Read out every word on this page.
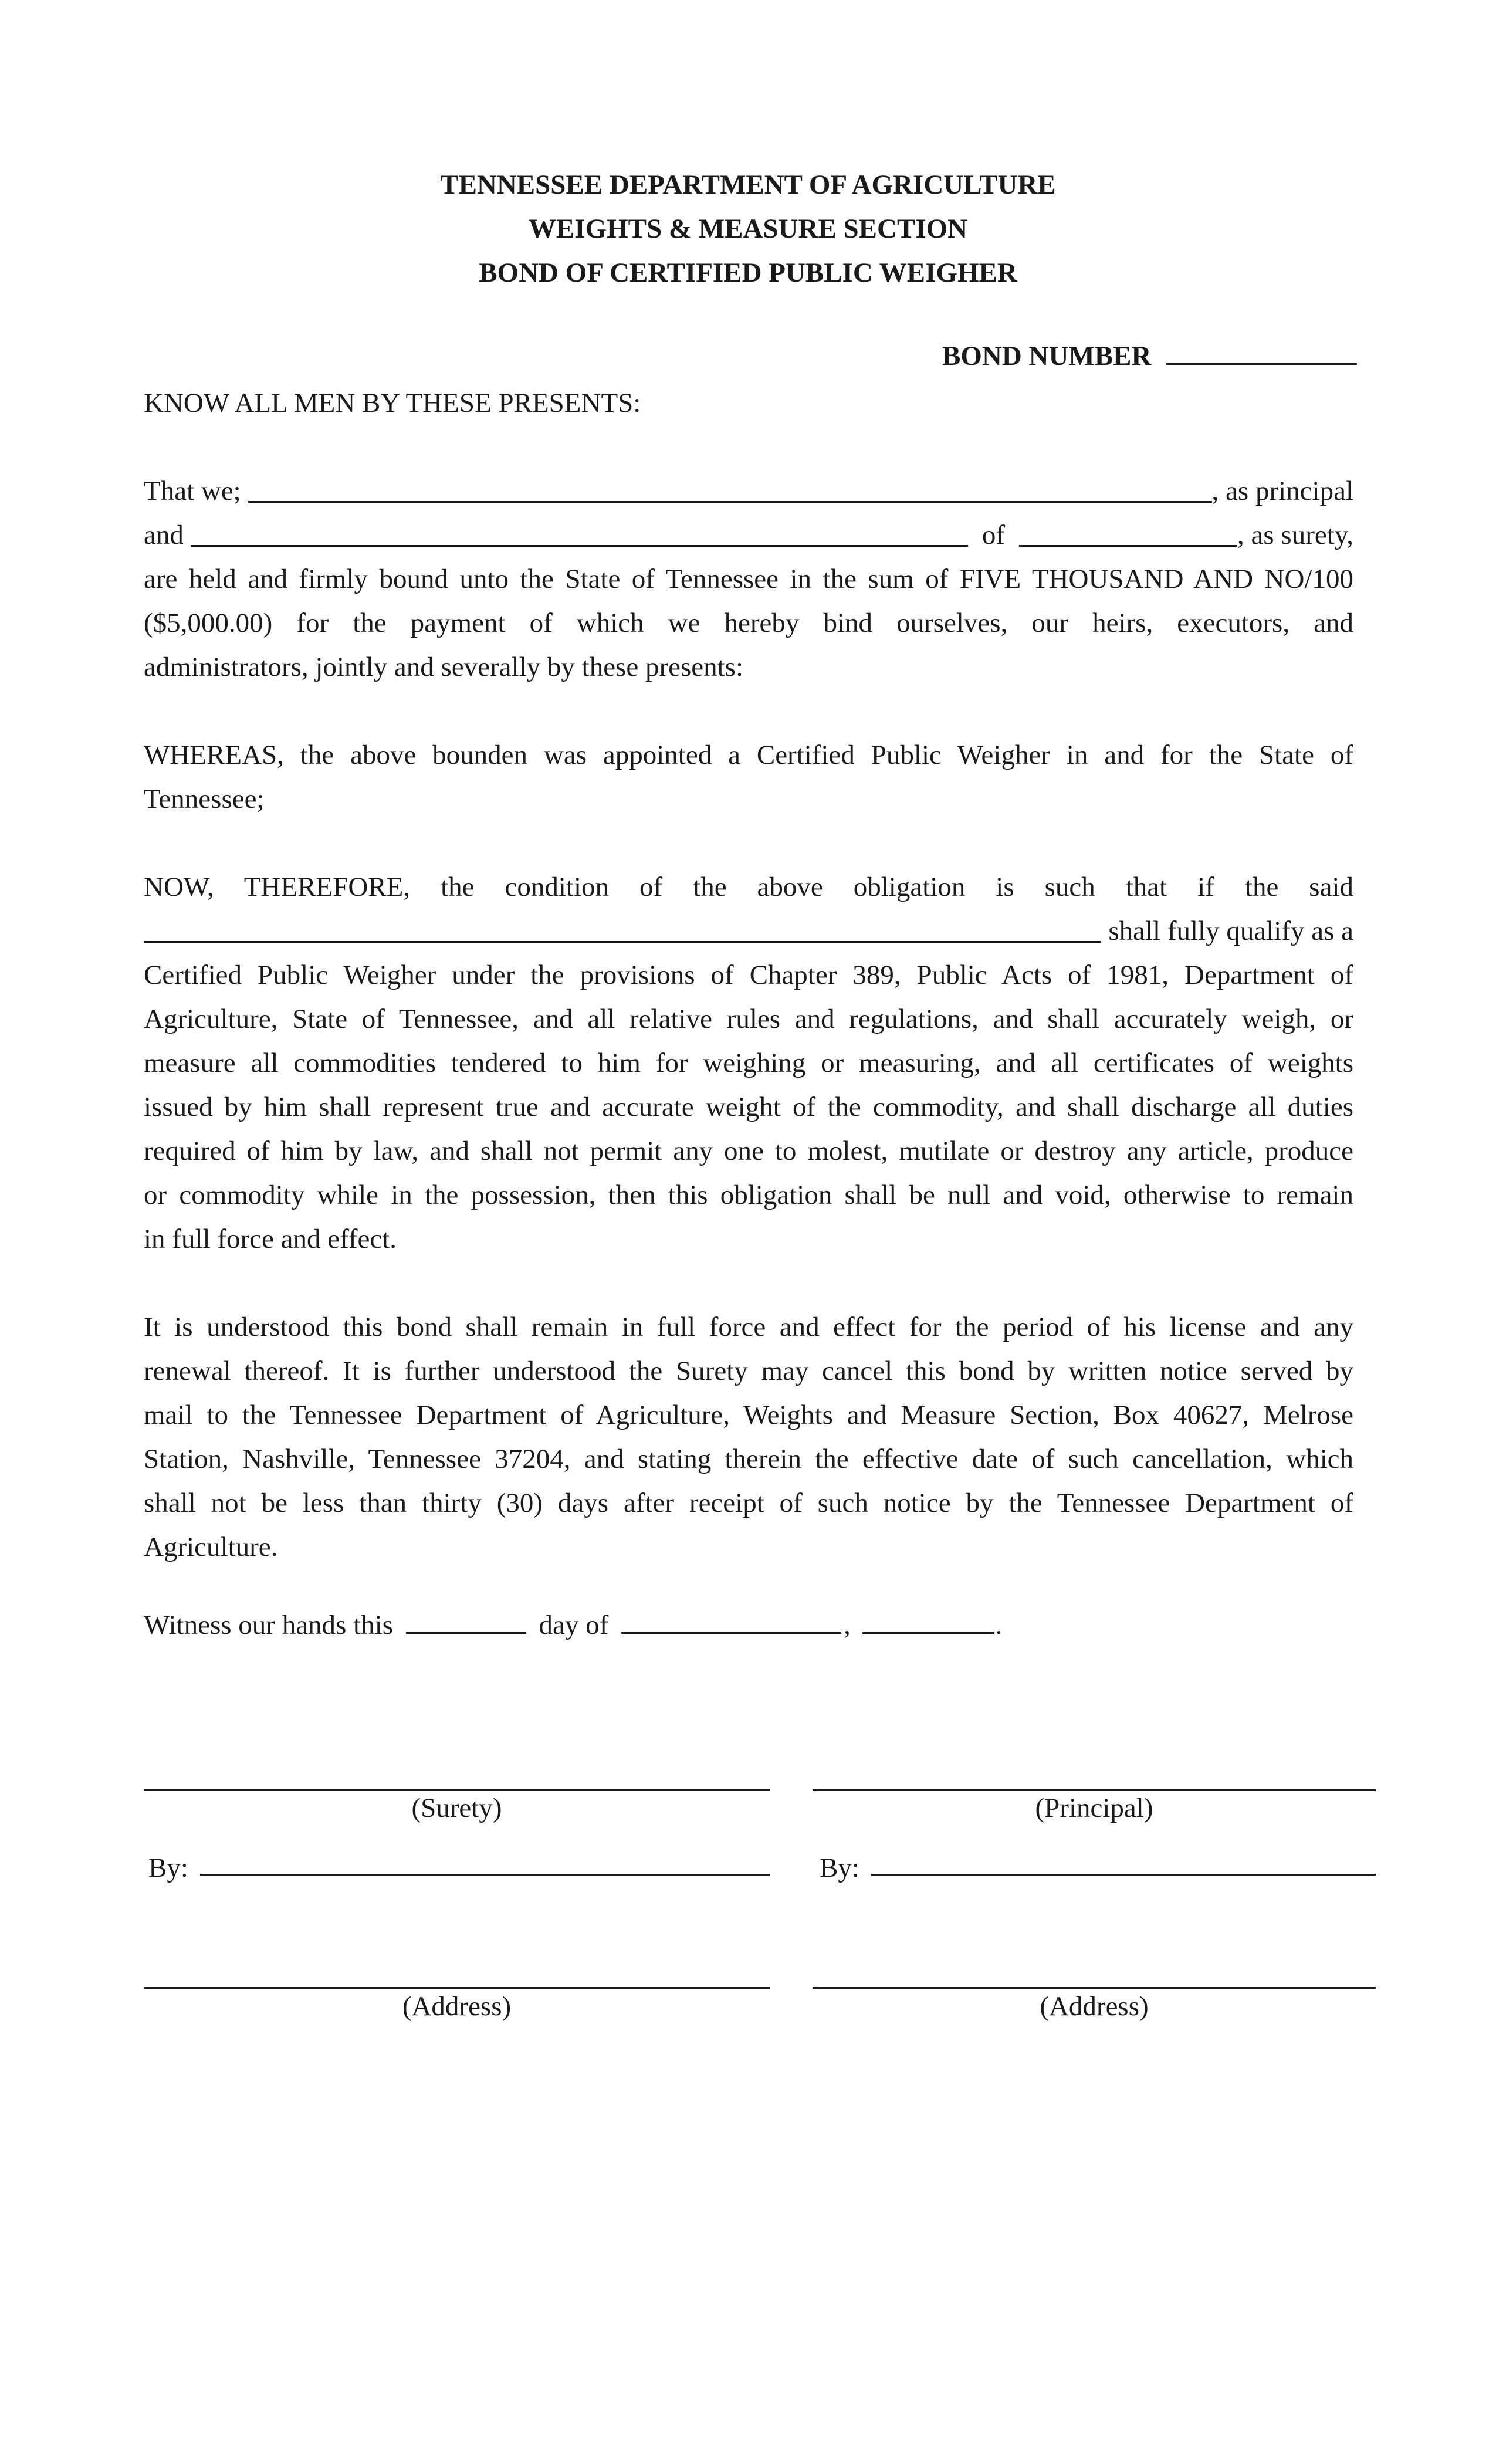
TENNESSEE DEPARTMENT OF AGRICULTURE
WEIGHTS & MEASURE SECTION
BOND OF CERTIFIED PUBLIC WEIGHER
BOND NUMBER
KNOW ALL MEN BY THESE PRESENTS:
That we;	, as principal
and	of	, as surety,
are held and firmly bound unto the State of Tennessee in the sum of FIVE THOUSAND AND NO/100
($5,000.00) for the payment of which we hereby bind ourselves, our heirs, executors, and
administrators, jointly and severally by these presents:
WHEREAS, the above bounden was appointed a Certified Public Weigher in and for the State of
Tennessee;
NOW, THEREFORE, the condition of the above obligation is such that if the said
shall fully qualify as a
Certified Public Weigher under the provisions of Chapter 389, Public Acts of 1981, Department of
Agriculture, State of Tennessee, and all relative rules and regulations, and shall accurately weigh, or
measure all commodities tendered to him for weighing or measuring, and all certificates of weights
issued by him shall represent true and accurate weight of the commodity, and shall discharge all duties
required of him by law, and shall not permit any one to molest, mutilate or destroy any article, produce
or commodity while in the possession, then this obligation shall be null and void, otherwise to remain
in full force and effect.
It is understood this bond shall remain in full force and effect for the period of his license and any
renewal thereof. It is further understood the Surety may cancel this bond by written notice served by
mail to the Tennessee Department of Agriculture, Weights and Measure Section, Box 40627, Melrose
Station, Nashville, Tennessee 37204, and stating therein the effective date of such cancellation, which
shall not be less than thirty (30) days after receipt of such notice by the Tennessee Department of
Agriculture.
Witness our hands this	day of	,	.
(Surety)	(Principal)
By:	By:
(Address)	(Address)
